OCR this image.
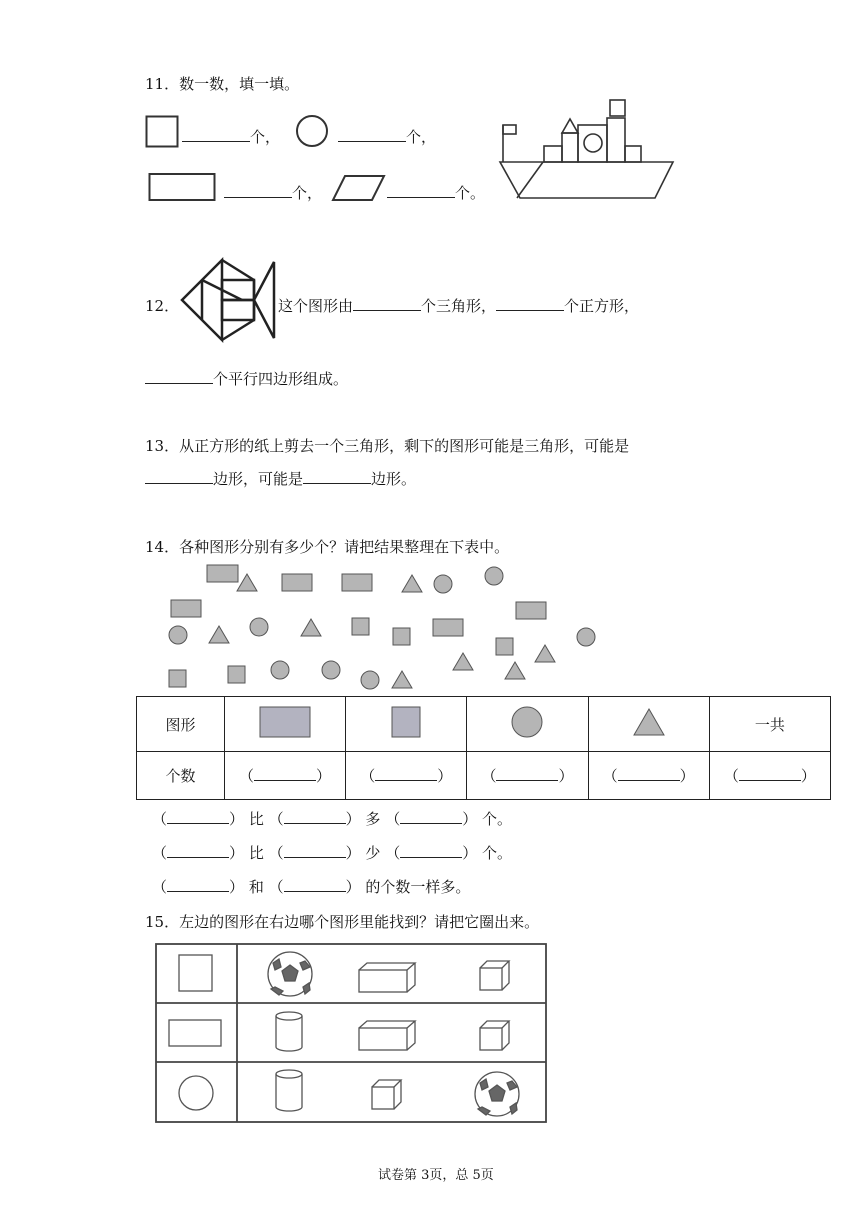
11．数一数，填一填。
个，	个，
个，	个。
12．	这个图形由	个三角形，	个正方形，
个平行四边形组成。
13．从正方形的纸上剪去一个三角形，剩下的图形可能是三角形，可能是
边形，可能是	边形。
14．各种图形分别有多少个？请把结果整理在下表中。
图形					一共
个数	（ ）	（ ）	（ ）	（ ）	（ ）
（	） 比 （	） 多 （	） 个。
（	） 比 （	） 少 （	） 个。
（	） 和 （	） 的个数一样多。
15．左边的图形在右边哪个图形里能找到？请把它圈出来。
试卷第 3页，总 5页
